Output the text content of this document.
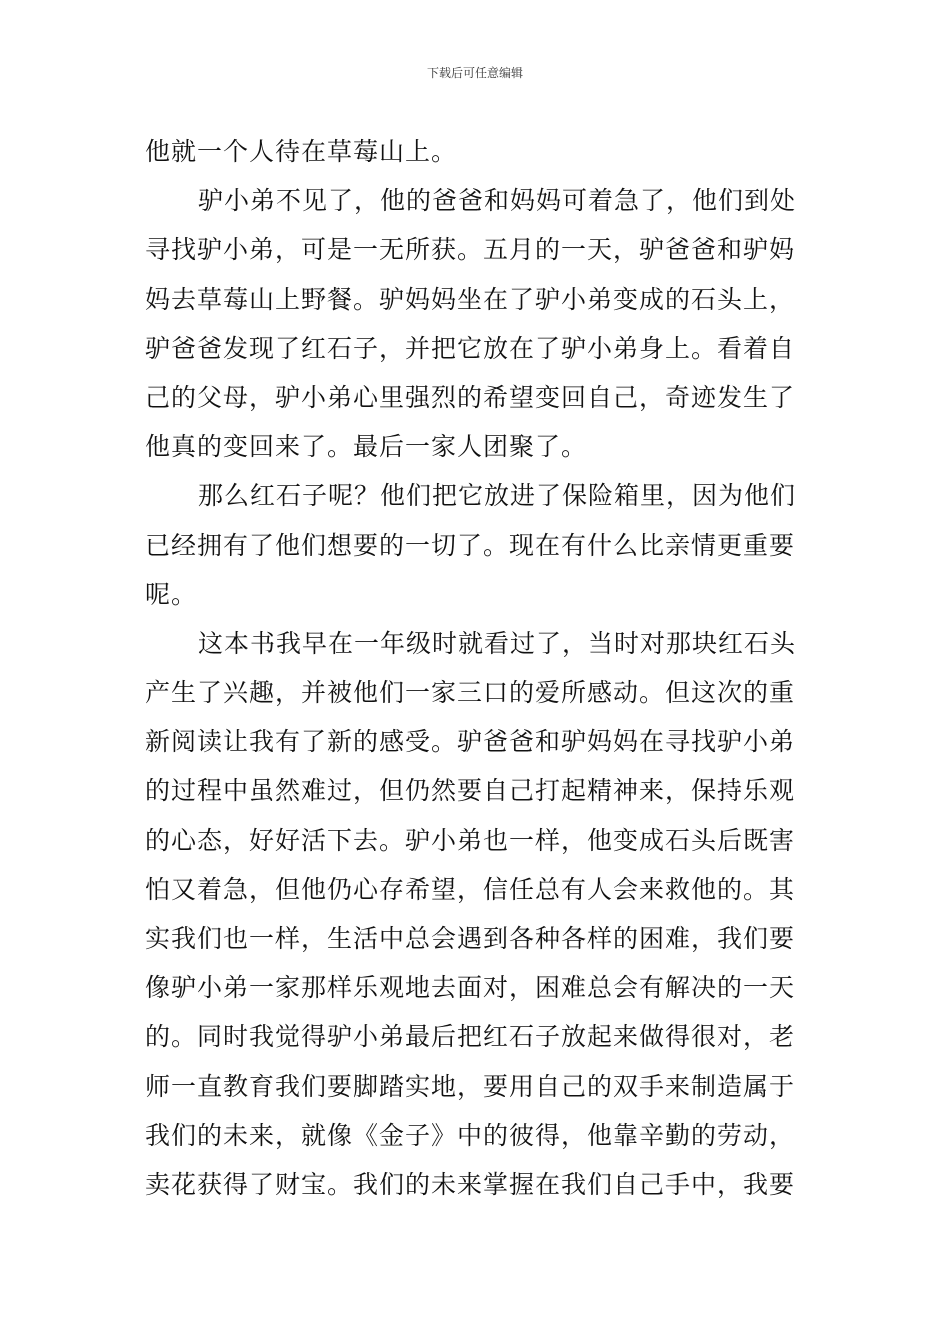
下载后可任意编辑
他就一个人待在草莓山上。
驴小弟不见了，他的爸爸和妈妈可着急了，他们到处
寻找驴小弟，可是一无所获。五月的一天，驴爸爸和驴妈
妈去草莓山上野餐。驴妈妈坐在了驴小弟变成的石头上，
驴爸爸发现了红石子，并把它放在了驴小弟身上。看着自
己的父母，驴小弟心里强烈的希望变回自己，奇迹发生了
他真的变回来了。最后一家人团聚了。
那么红石子呢？他们把它放进了保险箱里，因为他们
已经拥有了他们想要的一切了。现在有什么比亲情更重要
呢。
这本书我早在一年级时就看过了，当时对那块红石头
产生了兴趣，并被他们一家三口的爱所感动。但这次的重
新阅读让我有了新的感受。驴爸爸和驴妈妈在寻找驴小弟
的过程中虽然难过，但仍然要自己打起精神来，保持乐观
的心态，好好活下去。驴小弟也一样，他变成石头后既害
怕又着急，但他仍心存希望，信任总有人会来救他的。其
实我们也一样，生活中总会遇到各种各样的困难，我们要
像驴小弟一家那样乐观地去面对，困难总会有解决的一天
的。同时我觉得驴小弟最后把红石子放起来做得很对，老
师一直教育我们要脚踏实地，要用自己的双手来制造属于
我们的未来，就像《金子》中的彼得，他靠辛勤的劳动，
卖花获得了财宝。我们的未来掌握在我们自己手中，我要
